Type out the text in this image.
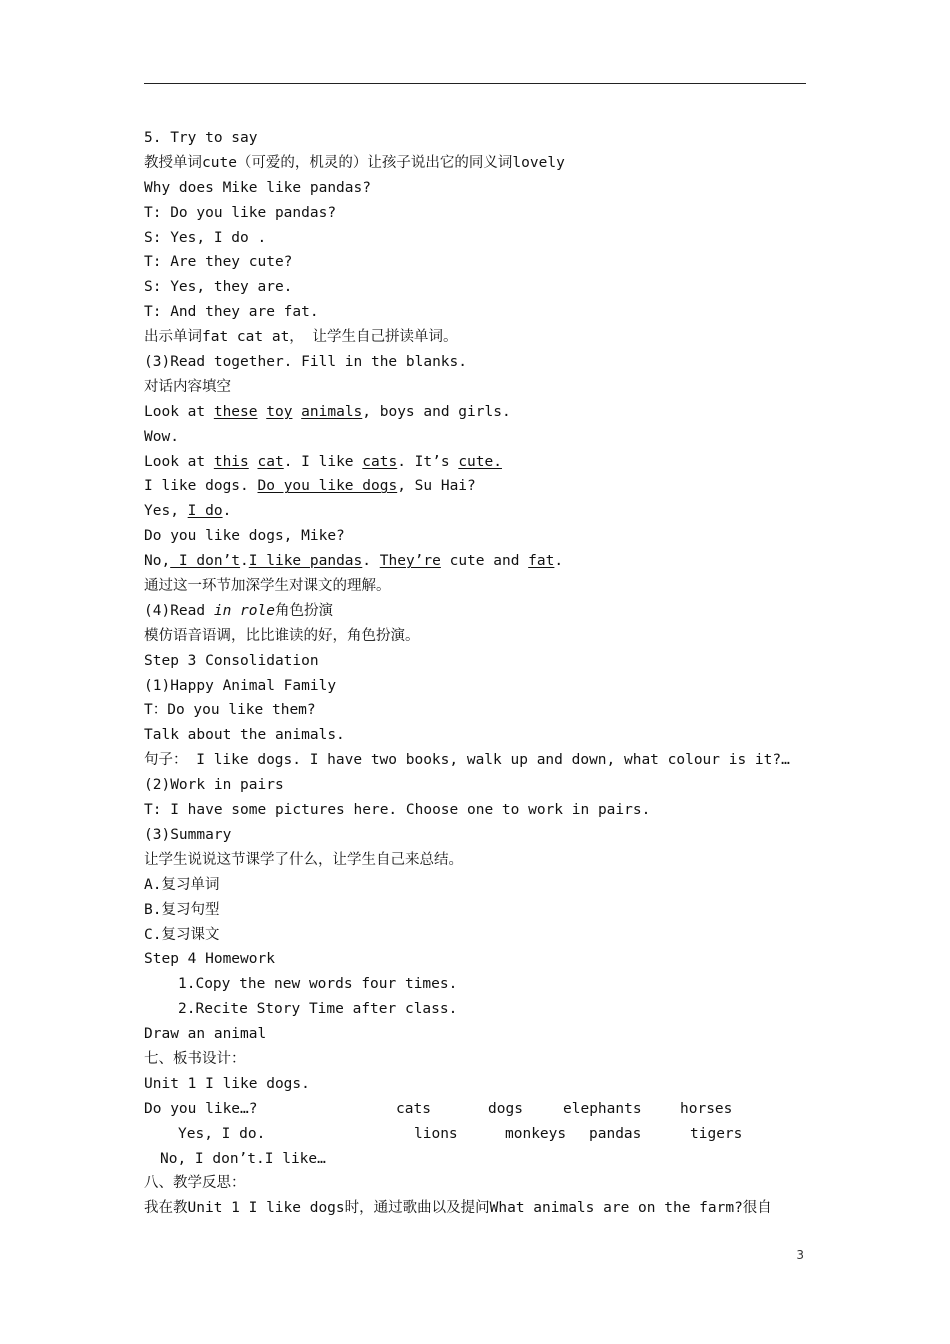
5. Try to say
教授单词cute（可爱的，机灵的）让孩子说出它的同义词lovely
Why does Mike like pandas?
T: Do you like pandas?
S: Yes, I do .
T: Are they cute?
S: Yes, they are.
T: And they are fat.
出示单词fat cat at， 让学生自己拼读单词。
(3)Read together. Fill in the blanks.
对话内容填空
Look at these toy animals, boys and girls.
Wow.
Look at this cat. I like cats. It’s cute.
I like dogs. Do you like dogs, Su Hai?
Yes, I do.
Do you like dogs, Mike?
No, I don’t.I like pandas. They’re cute and fat.
通过这一环节加深学生对课文的理解。
(4)Read in role角色扮演
模仿语音语调，比比谁读的好，角色扮演。
Step 3 Consolidation
(1)Happy Animal Family
T：Do you like them?
Talk about the animals.
句子： I like dogs. I have two books, walk up and down, what colour is it?…
(2)Work in pairs
T: I have some pictures here. Choose one to work in pairs.
(3)Summary
让学生说说这节课学了什么，让学生自己来总结。
A.复习单词
B.复习句型
C.复习课文
Step 4 Homework
1.Copy the new words four times.
2.Recite Story Time after class.
Draw an animal
七、板书设计：
Unit 1 I like dogs.
Do you like…?	cats	dogs	elephants	horses
Yes, I do.	lions	monkeys pandas	tigers
No, I don’t.I like…
八、教学反思：
我在教Unit 1 I like dogs时，通过歌曲以及提问What animals are on the farm?很自
3
